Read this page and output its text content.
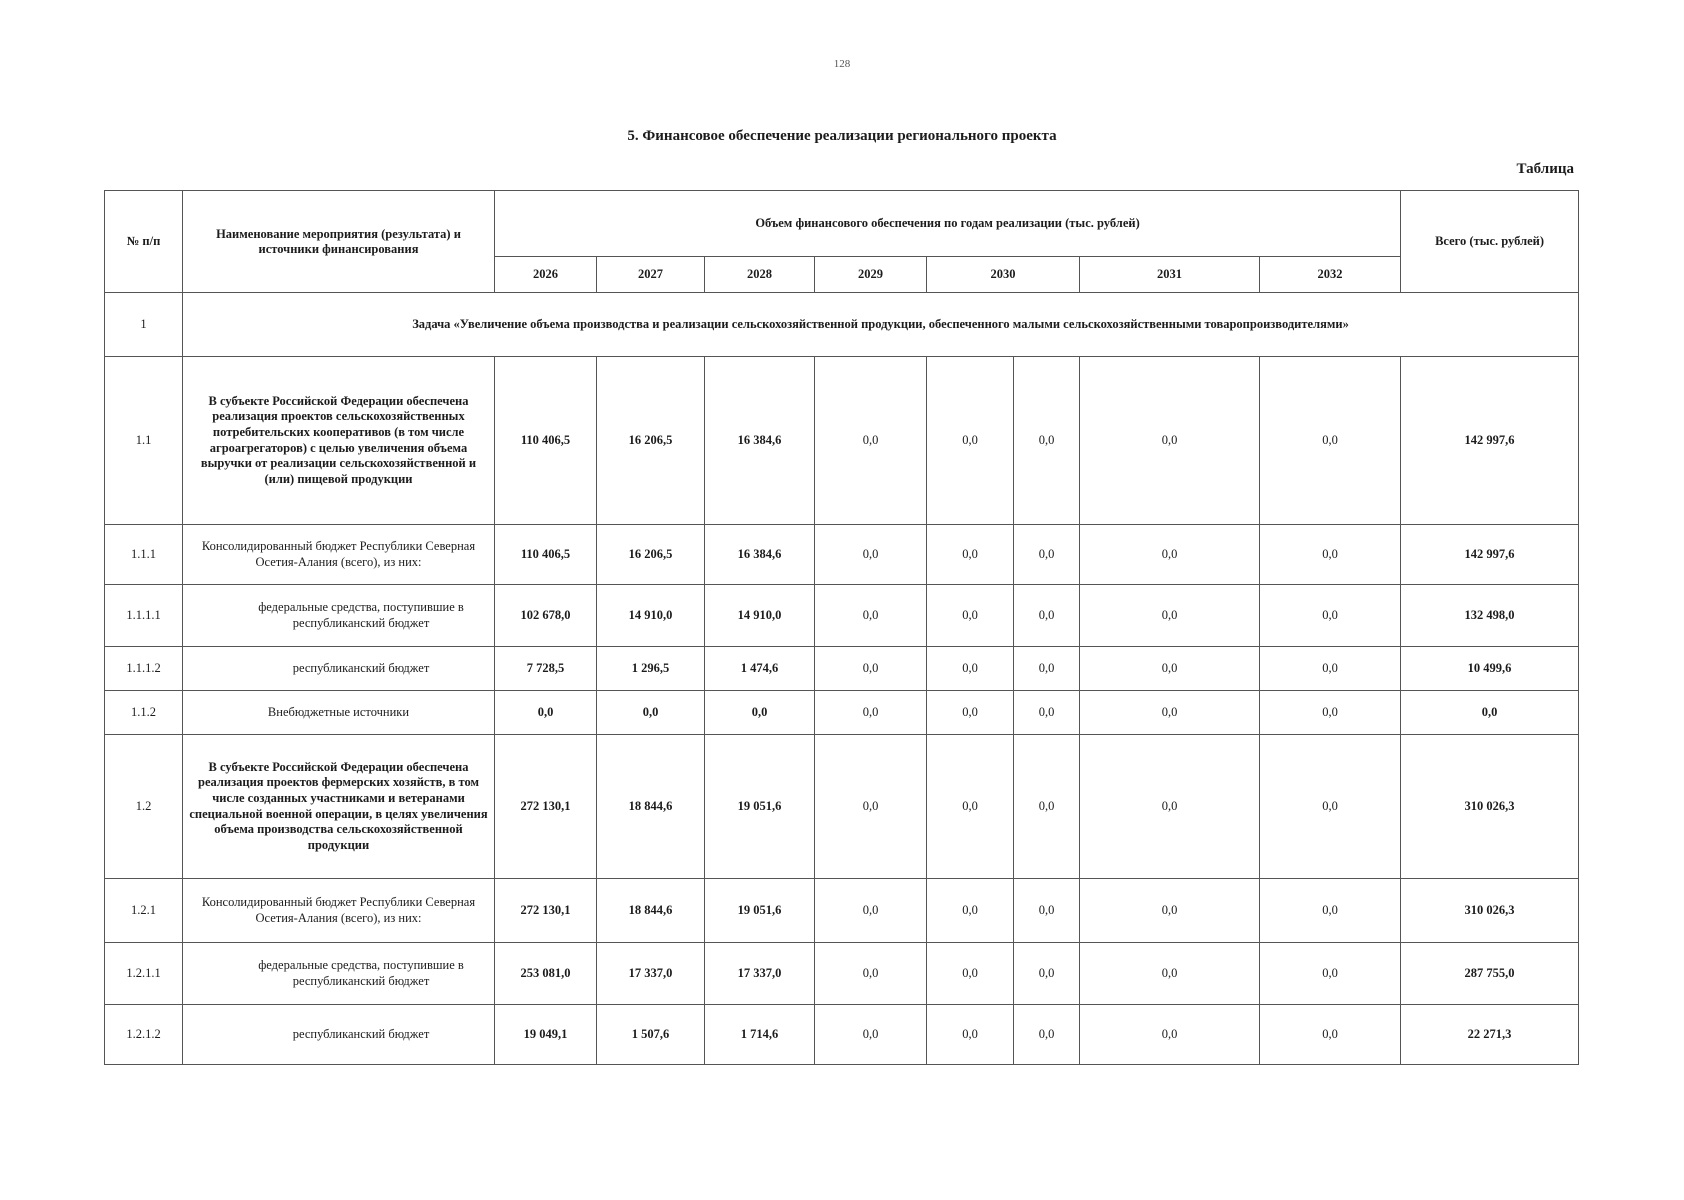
128
5. Финансовое обеспечение реализации регионального проекта
Таблица
№ п/п	Наименование мероприятия (результата) и источники финансирования	Объем финансового обеспечения по годам реализации (тыс. рублей)								Всего (тыс. рублей)
		2026	2027	2028	2029	2030		2031	2032	
1	Задача «Увеличение объема производства и реализации сельскохозяйственной продукции, обеспеченного малыми сельскохозяйственными товаропроизводителями»									
1.1	В субъекте Российской Федерации обеспечена реализация проектов сельскохозяйственных потребительских кооперативов (в том числе агроагрегаторов) с целью увеличения объема выручки от реализации сельскохозяйственной и (или) пищевой продукции	110 406,5	16 206,5	16 384,6	0,0	0,0	0,0	0,0	0,0	142 997,6
1.1.1	Консолидированный бюджет Республики Северная Осетия-Алания (всего), из них:	110 406,5	16 206,5	16 384,6	0,0	0,0	0,0	0,0	0,0	142 997,6
1.1.1.1	федеральные средства, поступившие в республиканский бюджет	102 678,0	14 910,0	14 910,0	0,0	0,0	0,0	0,0	0,0	132 498,0
1.1.1.2	республиканский бюджет	7 728,5	1 296,5	1 474,6	0,0	0,0	0,0	0,0	0,0	10 499,6
1.1.2	Внебюджетные источники	0,0	0,0	0,0	0,0	0,0	0,0	0,0	0,0	0,0
1.2	В субъекте Российской Федерации обеспечена реализация проектов фермерских хозяйств, в том числе созданных участниками и ветеранами специальной военной операции, в целях увеличения объема производства сельскохозяйственной продукции	272 130,1	18 844,6	19 051,6	0,0	0,0	0,0	0,0	0,0	310 026,3
1.2.1	Консолидированный бюджет Республики Северная Осетия-Алания (всего), из них:	272 130,1	18 844,6	19 051,6	0,0	0,0	0,0	0,0	0,0	310 026,3
1.2.1.1	федеральные средства, поступившие в республиканский бюджет	253 081,0	17 337,0	17 337,0	0,0	0,0	0,0	0,0	0,0	287 755,0
1.2.1.2	республиканский бюджет	19 049,1	1 507,6	1 714,6	0,0	0,0	0,0	0,0	0,0	22 271,3
